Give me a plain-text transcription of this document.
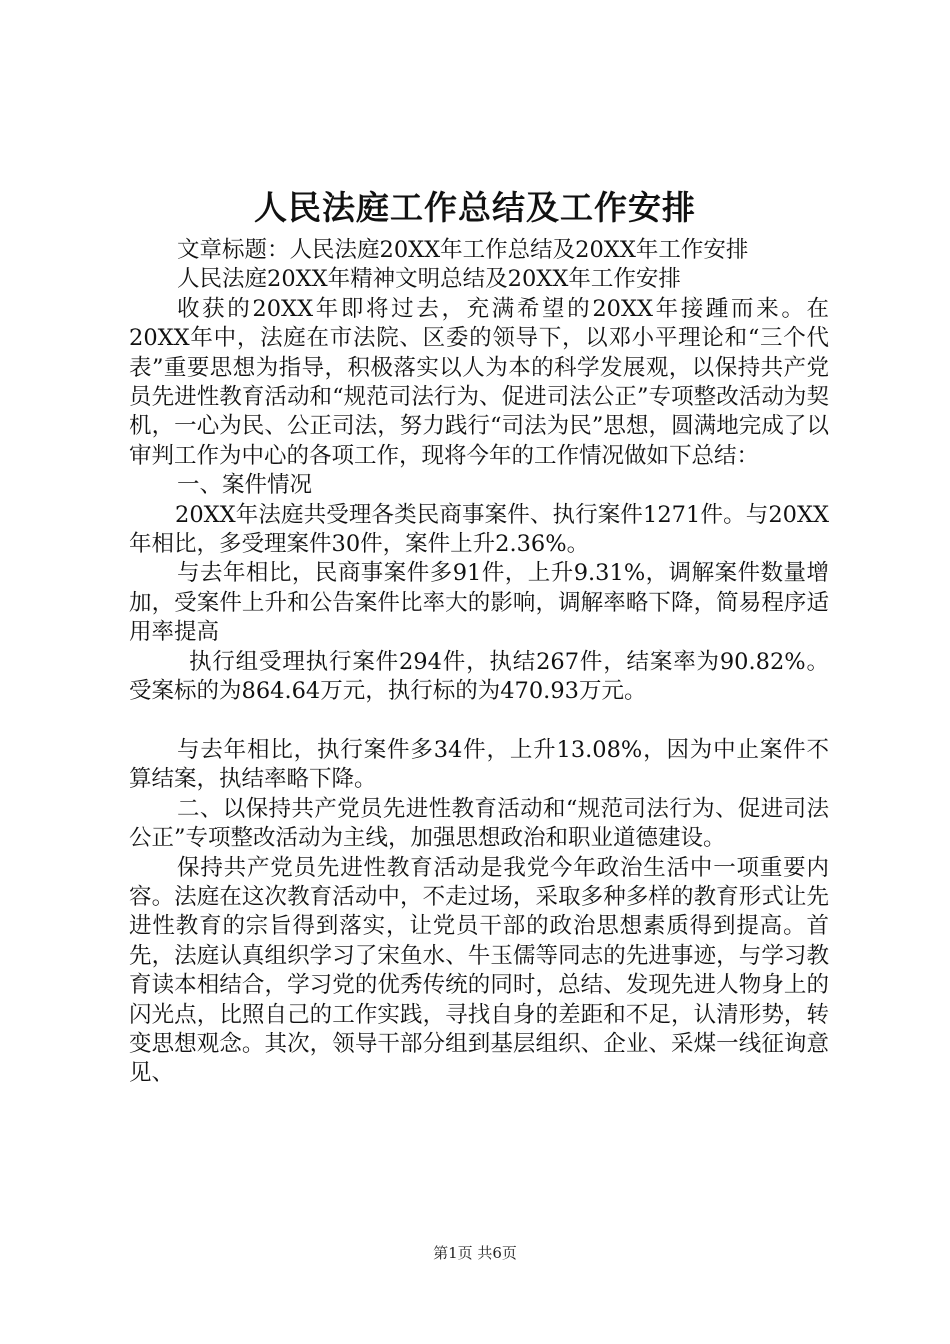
人民法庭工作总结及工作安排

文章标题：人民法庭20XX年工作总结及20XX年工作安排

人民法庭20XX年精神文明总结及20XX年工作安排

收获的20XX年即将过去，充满希望的20XX年接踵而来。在20XX年中，法庭在市法院、区委的领导下，以邓小平理论和“三个代表”重要思想为指导，积极落实以人为本的科学发展观，以保持共产党员先进性教育活动和“规范司法行为、促进司法公正”专项整改活动为契机，一心为民、公正司法，努力践行“司法为民”思想，圆满地完成了以审判工作为中心的各项工作，现将今年的工作情况做如下总结：

一、案件情况

20XX年法庭共受理各类民商事案件、执行案件1271件。与20XX年相比，多受理案件30件，案件上升2.36%。

与去年相比，民商事案件多91件，上升9.31%，调解案件数量增加，受案件上升和公告案件比率大的影响，调解率略下降，简易程序适用率提高

执行组受理执行案件294件，执结267件，结案率为90.82%。受案标的为864.64万元，执行标的为470.93万元。

与去年相比，执行案件多34件，上升13.08%，因为中止案件不算结案，执结率略下降。

二、以保持共产党员先进性教育活动和“规范司法行为、促进司法公正”专项整改活动为主线，加强思想政治和职业道德建设。

保持共产党员先进性教育活动是我党今年政治生活中一项重要内容。法庭在这次教育活动中，不走过场，采取多种多样的教育形式让先进性教育的宗旨得到落实，让党员干部的政治思想素质得到提高。首先，法庭认真组织学习了宋鱼水、牛玉儒等同志的先进事迹，与学习教育读本相结合，学习党的优秀传统的同时，总结、发现先进人物身上的闪光点，比照自己的工作实践，寻找自身的差距和不足，认清形势，转变思想观念。其次，领导干部分组到基层组织、企业、采煤一线征询意见、

第1页 共6页
